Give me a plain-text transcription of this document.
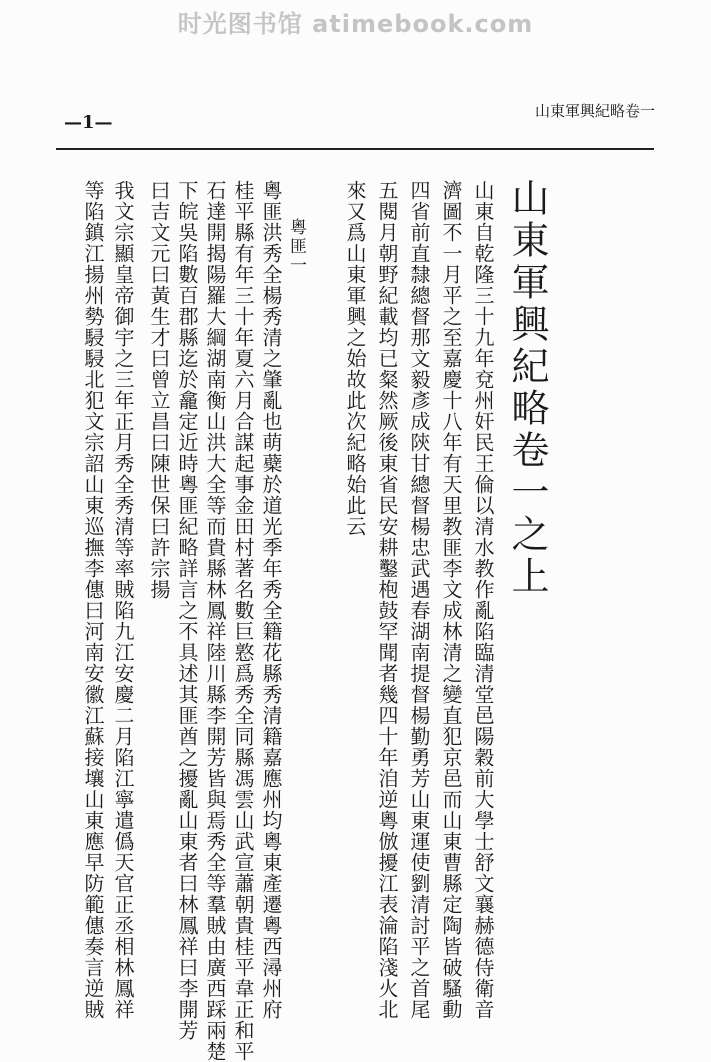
时光图书馆 atimebook.com
—1—
山東軍興紀略卷一
山東軍興紀略卷一之上
山東自乾隆三十九年兗州奸民王倫以清水教作亂陷臨清堂邑陽穀前大學士舒文襄赫德侍衛音
濟圖不一月平之至嘉慶十八年有天里教匪李文成林清之變直犯京邑而山東曹縣定陶皆破騷動
四省前直隸總督那文毅彥成陝甘總督楊忠武遇春湖南提督楊勤勇芳山東運使劉清討平之首尾
五閱月朝野紀載均已粲然厥後東省民安耕鑿枹鼓罕聞者幾四十年洎逆粵倣擾江表淪陷淺火北
來又爲山東軍興之始故此次紀略始此云
粵匪一
粵匪洪秀全楊秀清之肇亂也萌蘗於道光季年秀全籍花縣秀清籍嘉應州均粵東產遷粵西潯州府
桂平縣有年三十年夏六月合謀起事金田村著名數巨憝爲秀全同縣馮雲山武宣蕭朝貴桂平韋正和平
石達開揭陽羅大綱湖南衡山洪大全等而貴縣林鳳祥陸川縣李開芳皆與焉秀全等羣賊由廣西踩兩楚
下皖吳陷數百郡縣迄於龕定近時粵匪紀略詳言之不具述其匪酋之擾亂山東者曰林鳳祥曰李開芳
曰吉文元曰黃生才曰曾立昌曰陳世保曰許宗揚
我文宗顯皇帝御宇之三年正月秀全秀清等率賊陷九江安慶二月陷江寧遣僞天官正丞相林鳳祥
等陷鎮江揚州勢駸駸北犯文宗詔山東巡撫李僡曰河南安徽江蘇接壤山東應早防範僡奏言逆賊
